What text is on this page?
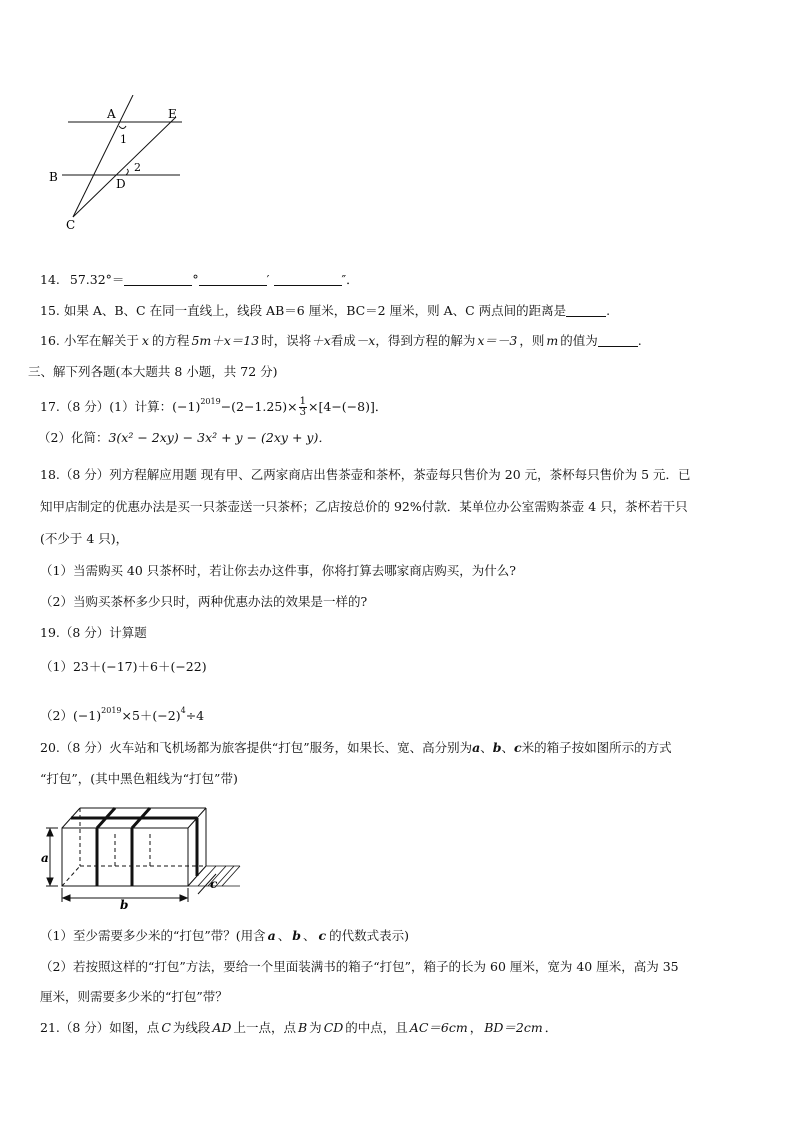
A	E
1
2
B	D
C
14. 57.32°＝	°	′	″．
15. 如果 A、B、C 在同一直线上，线段 AB＝6 厘米，BC＝2 厘米，则 A、C 两点间的距离是	.
16. 小军在解关于 x 的方程 5m＋x＝13 时，误将＋x看成－x，得到方程的解为 x＝－3 ，则 m 的值为	.
三、解下列各题(本大题共 8 小题，共 72 分)
17.（8 分）(1）计算：$(-1)^{2019}-(2-1.25)\times \frac{1}{3} \times[4-(-8)]$．
（2）化简：3(x² − 2xy) − 3x² + y − (2xy + y)．
18.（8 分）列方程解应用题 现有甲、乙两家商店出售茶壶和茶杯，茶壶每只售价为 20 元，茶杯每只售价为 5 元．已
知甲店制定的优惠办法是买一只茶壶送一只茶杯；乙店按总价的 92%付款．某单位办公室需购茶壶 4 只，茶杯若干只
(不少于 4 只)，
（1）当需购买 40 只茶杯时，若让你去办这件事，你将打算去哪家商店购买，为什么?
（2）当购买茶杯多少只时，两种优惠办法的效果是一样的?
19.（8 分）计算题
（1）23＋(−17)＋6＋(−22)
$(2)(-1)^{2019}\times 5+(-2)^4\div 4$
20.（8 分）火车站和飞机场都为旅客提供“打包”服务，如果长、宽、高分别为a、b、c米的箱子按如图所示的方式
“打包”，(其中黑色粗线为“打包”带)
a
b
c
（1）至少需要多少米的“打包”带？(用含 a 、 b 、 c 的代数式表示)
（2）若按照这样的“打包”方法，要给一个里面装满书的箱子“打包”，箱子的长为 60 厘米，宽为 40 厘米，高为 35
厘米，则需要多少米的“打包”带？
21.（8 分）如图，点 C 为线段 AD 上一点，点 B 为 CD 的中点，且 AC＝6cm ， BD＝2cm ．
